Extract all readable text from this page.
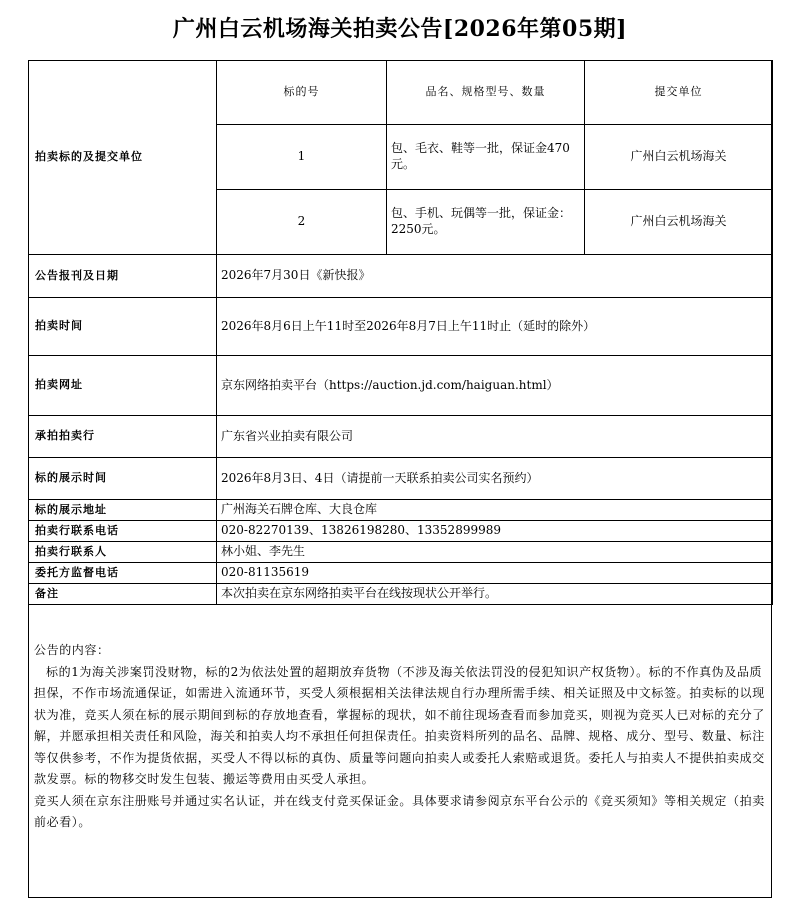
广州白云机场海关拍卖公告[2026年第05期]
拍卖标的及提交单位	标的号	品名、规格型号、数量	提交单位
	1	包、毛衣、鞋等一批，保证金470元。	广州白云机场海关
	2	包、手机、玩偶等一批，保证金：2250元。	广州白云机场海关
公告报刊及日期	2026年7月30日《新快报》		
拍卖时间	2026年8月6日上午11时至2026年8月7日上午11时止（延时的除外）		
拍卖网址	京东网络拍卖平台（https://auction.jd.com/haiguan.html）		
承拍拍卖行	广东省兴业拍卖有限公司		
标的展示时间	2026年8月3日、4日（请提前一天联系拍卖公司实名预约）		
标的展示地址	广州海关石牌仓库、大良仓库		
拍卖行联系电话	020-82270139、13826198280、13352899989		
拍卖行联系人	林小姐、李先生		
委托方监督电话	020-81135619		
备注	本次拍卖在京东网络拍卖平台在线按现状公开举行。		

公告的内容：

标的1为海关涉案罚没财物，标的2为依法处置的超期放弃货物（不涉及海关依法罚没的侵犯知识产权货物）。标的不作真伪及品质担保，不作市场流通保证，如需进入流通环节，买受人须根据相关法律法规自行办理所需手续、相关证照及中文标签。拍卖标的以现状为准，竞买人须在标的展示期间到标的存放地查看，掌握标的现状，如不前往现场查看而参加竞买，则视为竞买人已对标的充分了解，并愿承担相关责任和风险，海关和拍卖人均不承担任何担保责任。拍卖资料所列的品名、品牌、规格、成分、型号、数量、标注等仅供参考，不作为提货依据，买受人不得以标的真伪、质量等问题向拍卖人或委托人索赔或退货。委托人与拍卖人不提供拍卖成交款发票。标的物移交时发生包装、搬运等费用由买受人承担。

竞买人须在京东注册账号并通过实名认证，并在线支付竞买保证金。具体要求请参阅京东平台公示的《竞买须知》等相关规定（拍卖前必看）。
